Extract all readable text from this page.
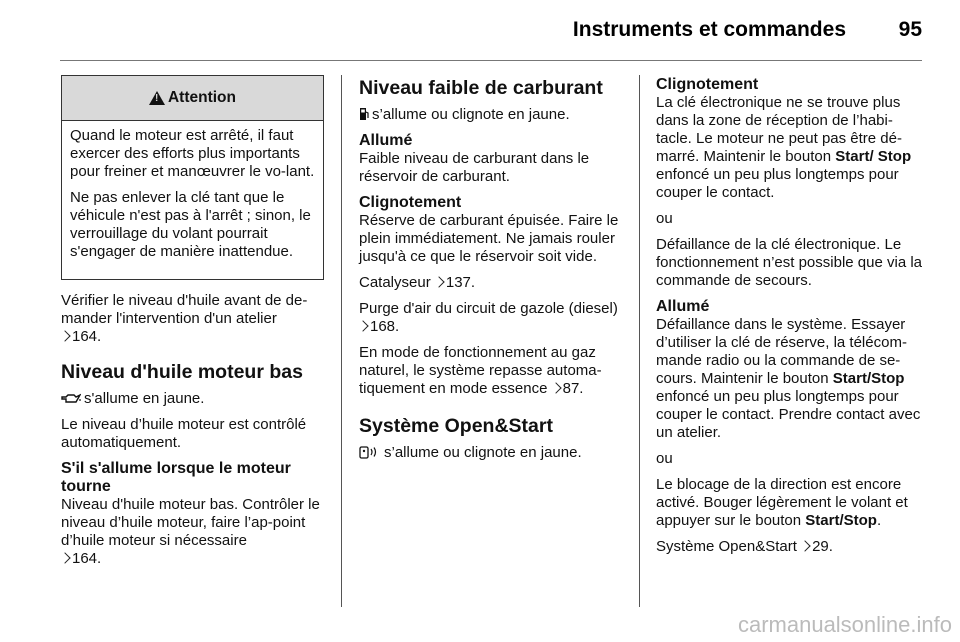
Instruments et commandes	95
!
Attention

Quand le moteur est arrêté, il faut exercer des efforts plus importants pour freiner et manœuvrer le vo-lant.

Ne pas enlever la clé tant que le véhicule n'est pas à l'arrêt ; sinon, le verrouillage du volant pourrait s'engager de manière inattendue.

Vérifier le niveau d'huile avant de de-mander l'intervention d'un atelier
164.

Niveau d'huile moteur bas

s'allume en jaune.

Le niveau d’huile moteur est contrôlé automatiquement.

S'il s'allume lorsque le moteur tourne

Niveau d'huile moteur bas. Contrôler le niveau d’huile moteur, faire l’ap-point d’huile moteur si nécessaire
164.

Niveau faible de carburant

s’allume ou clignote en jaune.

Allumé

Faible niveau de carburant dans le réservoir de carburant.

Clignotement

Réserve de carburant épuisée. Faire le plein immédiatement. Ne jamais rouler jusqu'à ce que le réservoir soit vide.

Catalyseur 137.

Purge d'air du circuit de gazole (diesel) 168.

En mode de fonctionnement au gaz naturel, le système repasse automa-tiquement en mode essence 87.

Système Open&Start

s’allume ou clignote en jaune.

Clignotement

La clé électronique ne se trouve plus dans la zone de réception de l’habi-tacle. Le moteur ne peut pas être dé-marré. Maintenir le bouton Start/ Stop enfoncé un peu plus longtemps pour couper le contact.

ou

Défaillance de la clé électronique. Le fonctionnement n’est possible que via la commande de secours.

Allumé

Défaillance dans le système. Essayer d’utiliser la clé de réserve, la télécom-mande radio ou la commande de se-cours. Maintenir le bouton Start/Stop enfoncé un peu plus longtemps pour couper le contact. Prendre contact avec un atelier.

ou

Le blocage de la direction est encore activé. Bouger légèrement le volant et appuyer sur le bouton Start/Stop.

Système Open&Start 29.

carmanualsonline.info
